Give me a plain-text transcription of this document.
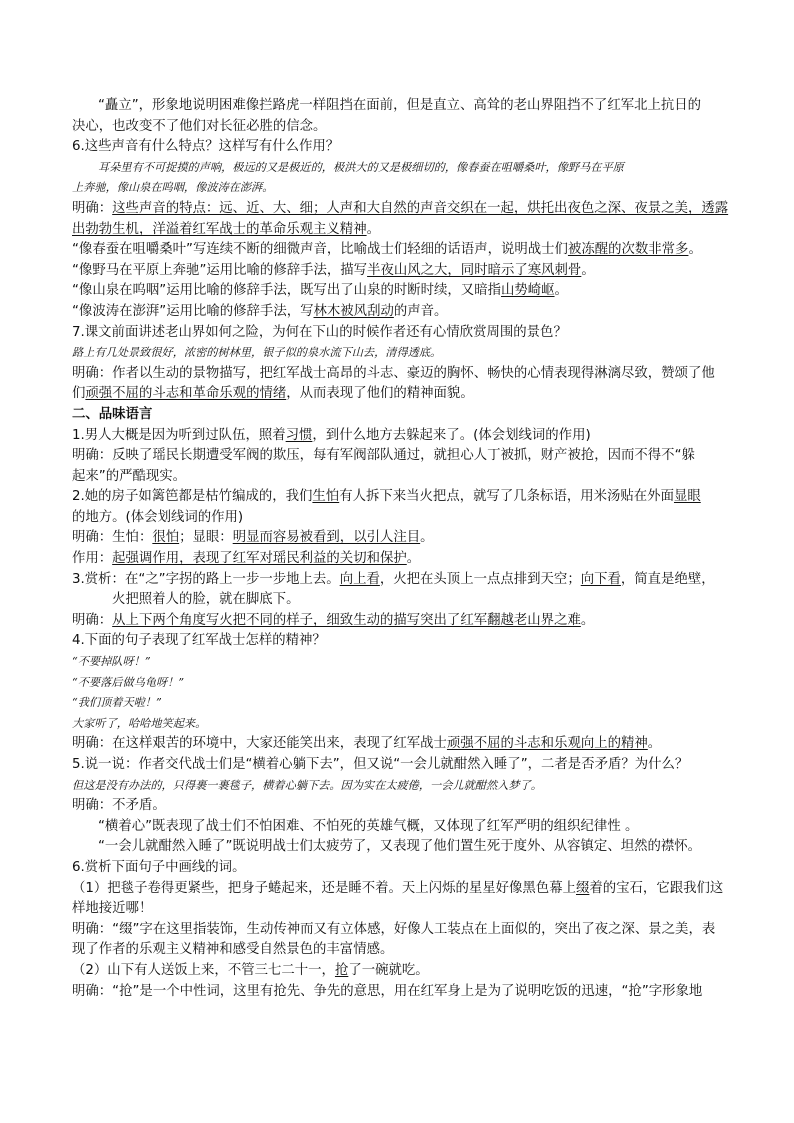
“矗立”，形象地说明困难像拦路虎一样阻挡在面前，但是直立、高耸的老山界阻挡不了红军北上抗日的
决心，也改变不了他们对长征必胜的信念。
6.这些声音有什么特点？这样写有什么作用？
耳朵里有不可捉摸的声响，极远的又是极近的，极洪大的又是极细切的，像春蚕在咀嚼桑叶，像野马在平原
上奔驰，像山泉在呜咽，像波涛在澎湃。
明确：这些声音的特点：远、近、大、细；人声和大自然的声音交织在一起，烘托出夜色之深、夜景之美，透露
出勃勃生机，洋溢着红军战士的革命乐观主义精神。
“像春蚕在咀嚼桑叶”写连续不断的细微声音，比喻战士们轻细的话语声，说明战士们被冻醒的次数非常多。
“像野马在平原上奔驰”运用比喻的修辞手法，描写半夜山风之大，同时暗示了寒风刺骨。
“像山泉在呜咽”运用比喻的修辞手法，既写出了山泉的时断时续，又暗指山势崎岖。
“像波涛在澎湃”运用比喻的修辞手法，写林木被风刮动的声音。
7.课文前面讲述老山界如何之险，为何在下山的时候作者还有心情欣赏周围的景色？
路上有几处景致很好，浓密的树林里，银子似的泉水流下山去，清得透底。
明确：作者以生动的景物描写，把红军战士高昂的斗志、豪迈的胸怀、畅快的心情表现得淋漓尽致，赞颂了他
们顽强不屈的斗志和革命乐观的情绪，从而表现了他们的精神面貌。
二、品味语言
1.男人大概是因为听到过队伍，照着习惯，到什么地方去躲起来了。(体会划线词的作用)
明确：反映了瑶民长期遭受军阀的欺压，每有军阀部队通过，就担心人丁被抓，财产被抢，因而不得不“躲
起来”的严酷现实。
2.她的房子如篱笆都是枯竹编成的，我们生怕有人拆下来当火把点，就写了几条标语，用米汤贴在外面显眼
的地方。(体会划线词的作用)
明确：生怕：很怕；显眼：明显而容易被看到，以引人注目。
作用：起强调作用，表现了红军对瑶民利益的关切和保护。
3.赏析：在“之”字拐的路上一步一步地上去。向上看，火把在头顶上一点点排到天空；向下看，简直是绝壁，
火把照着人的脸，就在脚底下。
明确：从上下两个角度写火把不同的样子，细致生动的描写突出了红军翻越老山界之难。
4.下面的句子表现了红军战士怎样的精神？
“不要掉队呀！”
“不要落后做乌龟呀！”
“我们顶着天啦！”
大家听了，哈哈地笑起来。
明确：在这样艰苦的环境中，大家还能笑出来，表现了红军战士顽强不屈的斗志和乐观向上的精神。
5.说一说：作者交代战士们是“横着心躺下去”，但又说“一会儿就酣然入睡了”，二者是否矛盾？为什么？
但这是没有办法的，只得裹一裹毯子，横着心躺下去。因为实在太疲倦，一会儿就酣然入梦了。
明确：不矛盾。
“横着心”既表现了战士们不怕困难、不怕死的英雄气概，又体现了红军严明的组织纪律性 。
“一会儿就酣然入睡了”既说明战士们太疲劳了，又表现了他们置生死于度外、从容镇定、坦然的襟怀。
6.赏析下面句子中画线的词。
（1）把毯子卷得更紧些，把身子蜷起来，还是睡不着。天上闪烁的星星好像黑色幕上缀着的宝石，它跟我们这
样地接近哪！
明确：“缀”字在这里指装饰，生动传神而又有立体感，好像人工装点在上面似的，突出了夜之深、景之美，表
现了作者的乐观主义精神和感受自然景色的丰富情感。
（2）山下有人送饭上来，不管三七二十一，抢了一碗就吃。
明确：“抢”是一个中性词，这里有抢先、争先的意思，用在红军身上是为了说明吃饭的迅速，“抢”字形象地
